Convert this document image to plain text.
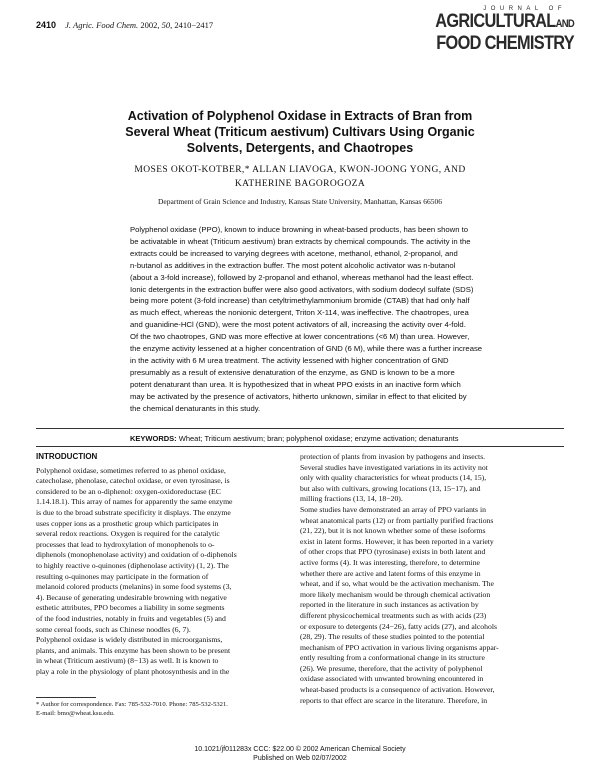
2410 J. Agric. Food Chem. 2002, 50, 2410−2417
JOURNAL OF
AGRICULTURALAND
FOOD CHEMISTRY
Activation of Polyphenol Oxidase in Extracts of Bran from
Several Wheat (Triticum aestivum) Cultivars Using Organic
Solvents, Detergents, and Chaotropes
MOSES OKOT-KOTBER,* ALLAN LIAVOGA, KWON-JOONG YONG, AND
KATHERINE BAGOROGOZA
Department of Grain Science and Industry, Kansas State University, Manhattan, Kansas 66506
Polyphenol oxidase (PPO), known to induce browning in wheat-based products, has been shown to
be activatable in wheat (Triticum aestivum) bran extracts by chemical compounds. The activity in the
extracts could be increased to varying degrees with acetone, methanol, ethanol, 2-propanol, and
n-butanol as additives in the extraction buffer. The most potent alcoholic activator was n-butanol
(about a 3-fold increase), followed by 2-propanol and ethanol, whereas methanol had the least effect.
Ionic detergents in the extraction buffer were also good activators, with sodium dodecyl sulfate (SDS)
being more potent (3-fold increase) than cetyltrimethylammonium bromide (CTAB) that had only half
as much effect, whereas the nonionic detergent, Triton X-114, was ineffective. The chaotropes, urea
and guanidine-HCl (GND), were the most potent activators of all, increasing the activity over 4-fold.
Of the two chaotropes, GND was more effective at lower concentrations (<6 M) than urea. However,
the enzyme activity lessened at a higher concentration of GND (6 M), while there was a further increase
in the activity with 6 M urea treatment. The activity lessened with higher concentration of GND
presumably as a result of extensive denaturation of the enzyme, as GND is known to be a more
potent denaturant than urea. It is hypothesized that in wheat PPO exists in an inactive form which
may be activated by the presence of activators, hitherto unknown, similar in effect to that elicited by
the chemical denaturants in this study.
KEYWORDS: Wheat; Triticum aestivum; bran; polyphenol oxidase; enzyme activation; denaturants
INTRODUCTION
Polyphenol oxidase, sometimes referred to as phenol oxidase,
catecholase, phenolase, catechol oxidase, or even tyrosinase, is
considered to be an o-diphenol: oxygen-oxidoreductase (EC
1.14.18.1). This array of names for apparently the same enzyme
is due to the broad substrate specificity it displays. The enzyme
uses copper ions as a prosthetic group which participates in
several redox reactions. Oxygen is required for the catalytic
processes that lead to hydroxylation of monophenols to o-
diphenols (monophenolase activity) and oxidation of o-diphenols
to highly reactive o-quinones (diphenolase activity) (1, 2). The
resulting o-quinones may participate in the formation of
melanoid colored products (melanins) in some food systems (3,
4). Because of generating undesirable browning with negative
esthetic attributes, PPO becomes a liability in some segments
of the food industries, notably in fruits and vegetables (5) and
some cereal foods, such as Chinese noodles (6, 7).
Polyphenol oxidase is widely distributed in microorganisms,
plants, and animals. This enzyme has been shown to be present
in wheat (Triticum aestivum) (8−13) as well. It is known to
play a role in the physiology of plant photosynthesis and in the
protection of plants from invasion by pathogens and insects.
Several studies have investigated variations in its activity not
only with quality characteristics for wheat products (14, 15),
but also with cultivars, growing locations (13, 15−17), and
milling fractions (13, 14, 18−20).
Some studies have demonstrated an array of PPO variants in
wheat anatomical parts (12) or from partially purified fractions
(21, 22), but it is not known whether some of these isoforms
exist in latent forms. However, it has been reported in a variety
of other crops that PPO (tyrosinase) exists in both latent and
active forms (4). It was interesting, therefore, to determine
whether there are active and latent forms of this enzyme in
wheat, and if so, what would be the activation mechanism. The
more likely mechanism would be through chemical activation
reported in the literature in such instances as activation by
different physicochemical treatments such as with acids (23)
or exposure to detergents (24−26), fatty acids (27), and alcohols
(28, 29). The results of these studies pointed to the potential
mechanism of PPO activation in various living organisms appar-
ently resulting from a conformational change in its structure
(26). We presume, therefore, that the activity of polyphenol
oxidase associated with unwanted browning encountered in
wheat-based products is a consequence of activation. However,
reports to that effect are scarce in the literature. Therefore, in
* Author for correspondence. Fax: 785-532-7010. Phone: 785-532-5321.
E-mail: bmo@wheat.ksu.edu.
10.1021/jf011283x CCC: $22.00 © 2002 American Chemical Society
Published on Web 02/07/2002
